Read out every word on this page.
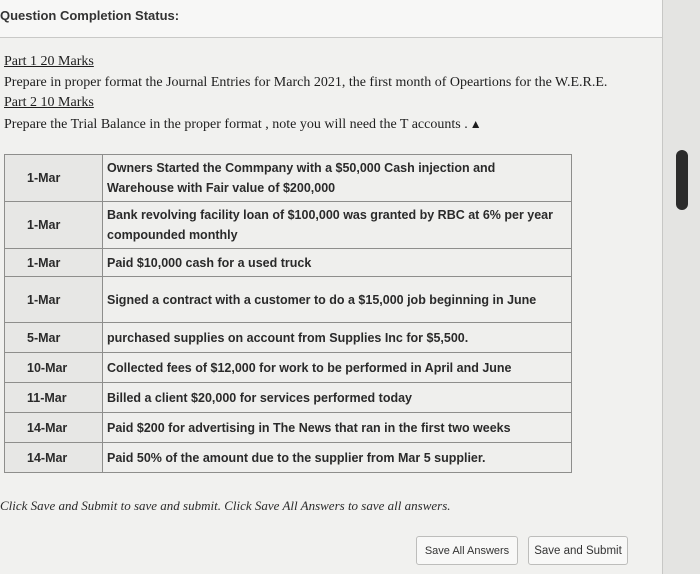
Question Completion Status:
Part 1 20 Marks
Prepare in proper format the Journal Entries for March 2021, the first month of Opeartions for the W.E.R.E.
Part 2 10 Marks
Prepare the Trial Balance in the proper format , note you will need the T accounts . ▲
1-Mar	Owners Started the Commpany with a $50,000 Cash injection and Warehouse with Fair value of $200,000
1-Mar	Bank revolving facility loan of $100,000 was granted by RBC at 6% per year compounded monthly
1-Mar	Paid $10,000 cash for a used truck
1-Mar	Signed a contract with a customer to do a $15,000 job beginning in June
5-Mar	purchased supplies on account from Supplies Inc for $5,500.
10-Mar	Collected fees of $12,000 for work to be performed in April and June
11-Mar	Billed a client $20,000 for services performed today
14-Mar	Paid $200 for advertising in The News that ran in the first two weeks
14-Mar	Paid 50% of the amount due to the supplier from Mar 5 supplier.
Click Save and Submit to save and submit. Click Save All Answers to save all answers.
Save All Answers	Save and Submit
